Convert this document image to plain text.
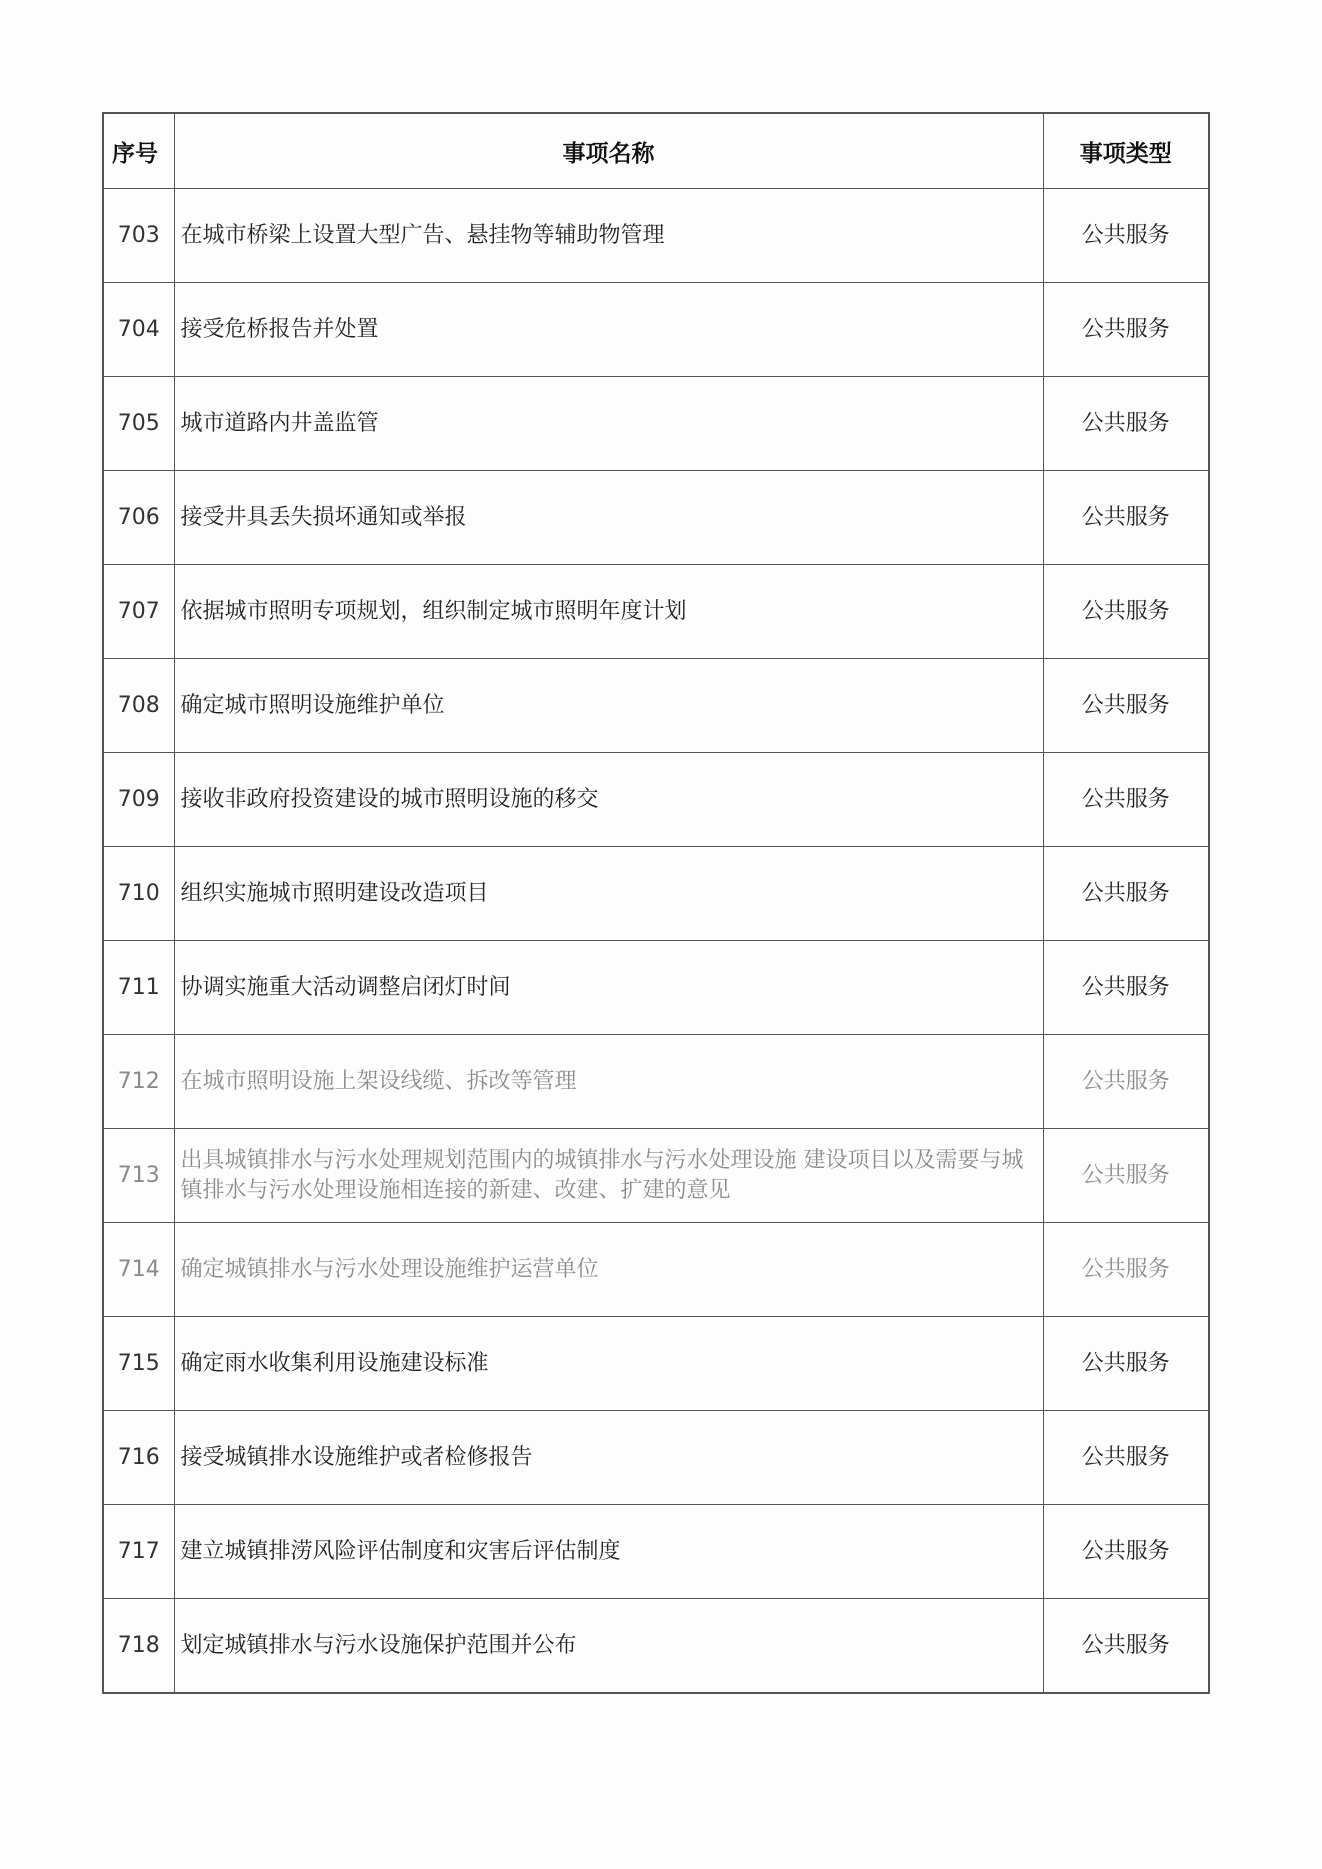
序号	事项名称	事项类型
703	在城市桥梁上设置大型广告、悬挂物等辅助物管理	公共服务
704	接受危桥报告并处置	公共服务
705	城市道路内井盖监管	公共服务
706	接受井具丢失损坏通知或举报	公共服务
707	依据城市照明专项规划，组织制定城市照明年度计划	公共服务
708	确定城市照明设施维护单位	公共服务
709	接收非政府投资建设的城市照明设施的移交	公共服务
710	组织实施城市照明建设改造项目	公共服务
711	协调实施重大活动调整启闭灯时间	公共服务
712	在城市照明设施上架设线缆、拆改等管理	公共服务
713	出具城镇排水与污水处理规划范围内的城镇排水与污水处理设施 建设项目以及需要与城镇排水与污水处理设施相连接的新建、改建、扩建的意见	公共服务
714	确定城镇排水与污水处理设施维护运营单位	公共服务
715	确定雨水收集利用设施建设标准	公共服务
716	接受城镇排水设施维护或者检修报告	公共服务
717	建立城镇排涝风险评估制度和灾害后评估制度	公共服务
718	划定城镇排水与污水设施保护范围并公布	公共服务
